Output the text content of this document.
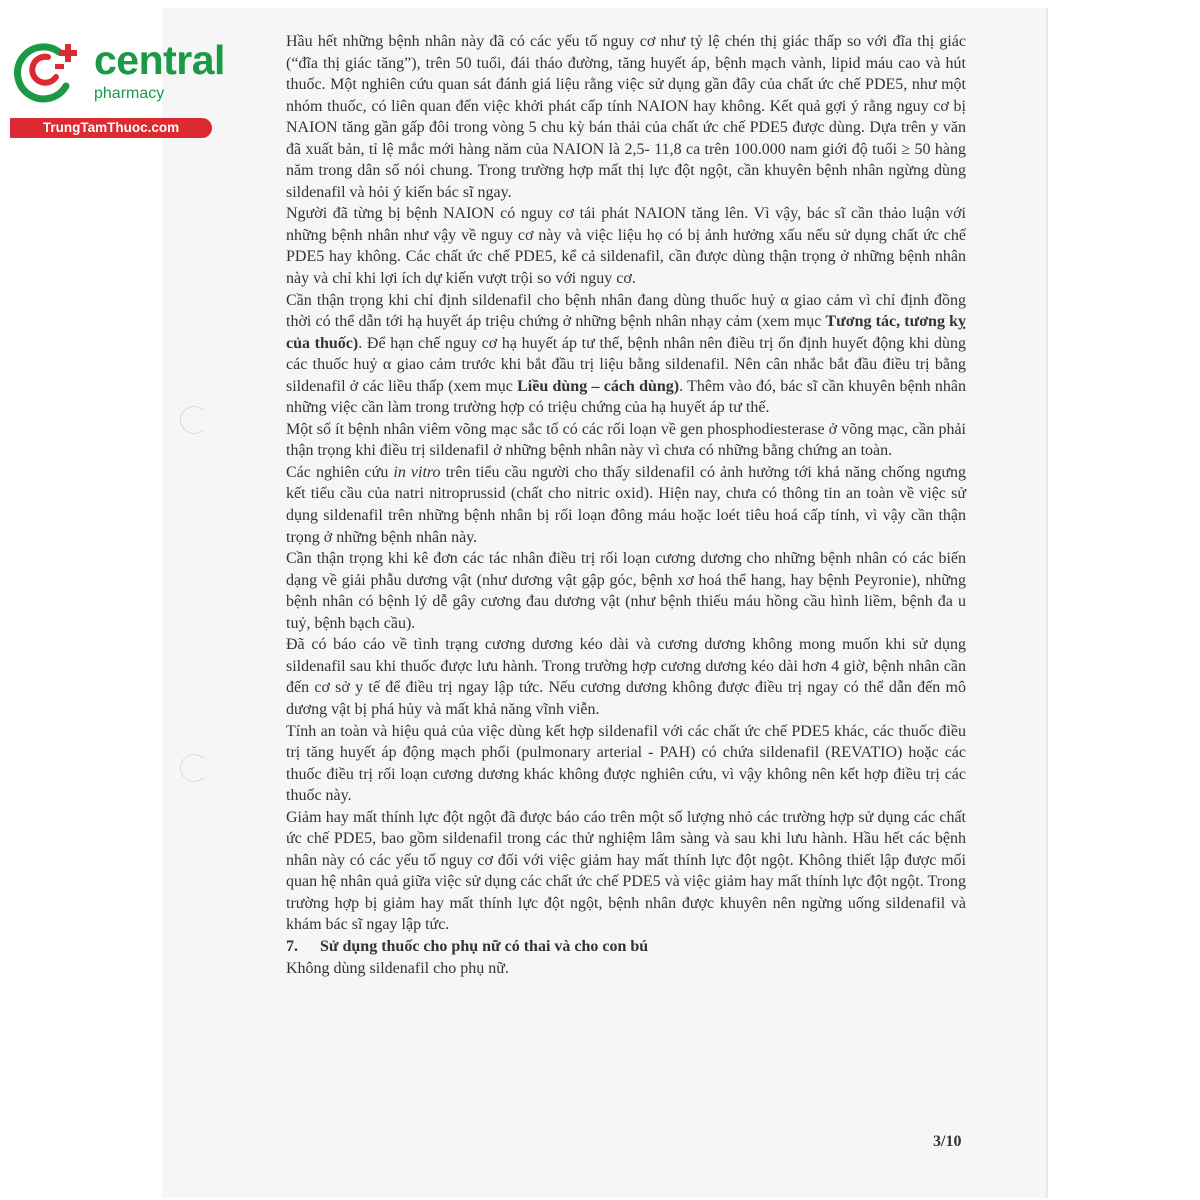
central
pharmacy
TrungTamThuoc.com

Hầu hết những bệnh nhân này đã có các yếu tố nguy cơ như tỷ lệ chén thị giác thấp so với đĩa thị giác (“đĩa thị giác tăng”), trên 50 tuổi, đái tháo đường, tăng huyết áp, bệnh mạch vành, lipid máu cao và hút thuốc. Một nghiên cứu quan sát đánh giá liệu rằng việc sử dụng gần đây của chất ức chế PDE5, như một nhóm thuốc, có liên quan đến việc khởi phát cấp tính NAION hay không. Kết quả gợi ý rằng nguy cơ bị NAION tăng gần gấp đôi trong vòng 5 chu kỳ bán thải của chất ức chế PDE5 được dùng. Dựa trên y văn đã xuất bản, tỉ lệ mắc mới hàng năm của NAION là 2,5- 11,8 ca trên 100.000 nam giới độ tuổi ≥ 50 hàng năm trong dân số nói chung. Trong trường hợp mất thị lực đột ngột, cần khuyên bệnh nhân ngừng dùng sildenafil và hỏi ý kiến bác sĩ ngay.

Người đã từng bị bệnh NAION có nguy cơ tái phát NAION tăng lên. Vì vậy, bác sĩ cần thảo luận với những bệnh nhân như vậy về nguy cơ này và việc liệu họ có bị ảnh hưởng xấu nếu sử dụng chất ức chế PDE5 hay không. Các chất ức chế PDE5, kể cả sildenafil, cần được dùng thận trọng ở những bệnh nhân này và chỉ khi lợi ích dự kiến vượt trội so với nguy cơ.

Cần thận trọng khi chỉ định sildenafil cho bệnh nhân đang dùng thuốc huỷ α giao cảm vì chỉ định đồng thời có thể dẫn tới hạ huyết áp triệu chứng ở những bệnh nhân nhạy cảm (xem mục Tương tác, tương kỵ của thuốc). Để hạn chế nguy cơ hạ huyết áp tư thế, bệnh nhân nên điều trị ổn định huyết động khi dùng các thuốc huỷ α giao cảm trước khi bắt đầu trị liệu bằng sildenafil. Nên cân nhắc bắt đầu điều trị bằng sildenafil ở các liều thấp (xem mục Liều dùng – cách dùng). Thêm vào đó, bác sĩ cần khuyên bệnh nhân những việc cần làm trong trường hợp có triệu chứng của hạ huyết áp tư thế.

Một số ít bệnh nhân viêm võng mạc sắc tố có các rối loạn về gen phosphodiesterase ở võng mạc, cần phải thận trọng khi điều trị sildenafil ở những bệnh nhân này vì chưa có những bằng chứng an toàn.

Các nghiên cứu in vitro trên tiểu cầu người cho thấy sildenafil có ảnh hưởng tới khả năng chống ngưng kết tiểu cầu của natri nitroprussid (chất cho nitric oxid). Hiện nay, chưa có thông tin an toàn về việc sử dụng sildenafil trên những bệnh nhân bị rối loạn đông máu hoặc loét tiêu hoá cấp tính, vì vậy cần thận trọng ở những bệnh nhân này.

Cần thận trọng khi kê đơn các tác nhân điều trị rối loạn cương dương cho những bệnh nhân có các biến dạng về giải phẫu dương vật (như dương vật gập góc, bệnh xơ hoá thể hang, hay bệnh Peyronie), những bệnh nhân có bệnh lý dễ gây cương đau dương vật (như bệnh thiếu máu hồng cầu hình liềm, bệnh đa u tuỷ, bệnh bạch cầu).

Đã có báo cáo về tình trạng cương dương kéo dài và cương dương không mong muốn khi sử dụng sildenafil sau khi thuốc được lưu hành. Trong trường hợp cương dương kéo dài hơn 4 giờ, bệnh nhân cần đến cơ sở y tế để điều trị ngay lập tức. Nếu cương dương không được điều trị ngay có thể dẫn đến mô dương vật bị phá hủy và mất khả năng vĩnh viễn.

Tính an toàn và hiệu quả của việc dùng kết hợp sildenafil với các chất ức chế PDE5 khác, các thuốc điều trị tăng huyết áp động mạch phổi (pulmonary arterial - PAH) có chứa sildenafil (REVATIO) hoặc các thuốc điều trị rối loạn cương dương khác không được nghiên cứu, vì vậy không nên kết hợp điều trị các thuốc này.

Giảm hay mất thính lực đột ngột đã được báo cáo trên một số lượng nhỏ các trường hợp sử dụng các chất ức chế PDE5, bao gồm sildenafil trong các thử nghiệm lâm sàng và sau khi lưu hành. Hầu hết các bệnh nhân này có các yếu tố nguy cơ đối với việc giảm hay mất thính lực đột ngột. Không thiết lập được mối quan hệ nhân quả giữa việc sử dụng các chất ức chế PDE5 và việc giảm hay mất thính lực đột ngột. Trong trường hợp bị giảm hay mất thính lực đột ngột, bệnh nhân được khuyên nên ngừng uống sildenafil và khám bác sĩ ngay lập tức.

7. Sử dụng thuốc cho phụ nữ có thai và cho con bú

Không dùng sildenafil cho phụ nữ.

3/10
